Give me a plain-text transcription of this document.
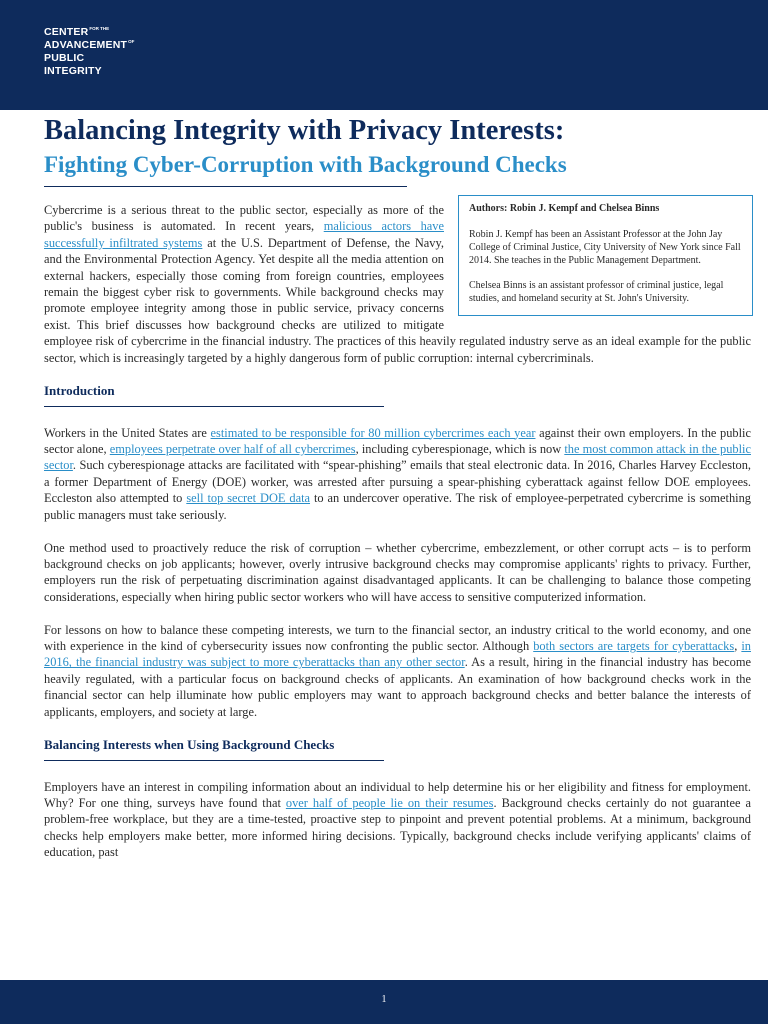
CENTERFOR THE
ADVANCEMENTOF
PUBLIC
INTEGRITY
Balancing Integrity with Privacy Interests:
Fighting Cyber-Corruption with Background Checks

Authors: Robin J. Kempf and Chelsea Binns

Robin J. Kempf has been an Assistant Professor at the John Jay College of Criminal Justice, City University of New York since Fall 2014. She teaches in the Public Management Department.

Chelsea Binns is an assistant professor of criminal justice, legal studies, and homeland security at St. John's University.

Cybercrime is a serious threat to the public sector, especially as more of the public's business is automated. In recent years, malicious actors have successfully infiltrated systems at the U.S. Department of Defense, the Navy, and the Environmental Protection Agency. Yet despite all the media attention on external hackers, especially those coming from foreign countries, employees remain the biggest cyber risk to governments. While background checks may promote employee integrity among those in public service, privacy concerns exist. This brief discusses how background checks are utilized to mitigate employee risk of cybercrime in the financial industry. The practices of this heavily regulated industry serve as an ideal example for the public sector, which is increasingly targeted by a highly dangerous form of public corruption: internal cybercriminals.

Introduction

Workers in the United States are estimated to be responsible for 80 million cybercrimes each year against their own employers. In the public sector alone, employees perpetrate over half of all cybercrimes, including cyberespionage, which is now the most common attack in the public sector. Such cyberespionage attacks are facilitated with “spear-phishing” emails that steal electronic data. In 2016, Charles Harvey Eccleston, a former Department of Energy (DOE) worker, was arrested after pursuing a spear-phishing cyberattack against fellow DOE employees. Eccleston also attempted to sell top secret DOE data to an undercover operative. The risk of employee-perpetrated cybercrime is something public managers must take seriously.

One method used to proactively reduce the risk of corruption – whether cybercrime, embezzlement, or other corrupt acts – is to perform background checks on job applicants; however, overly intrusive background checks may compromise applicants' rights to privacy. Further, employers run the risk of perpetuating discrimination against disadvantaged applicants. It can be challenging to balance those competing considerations, especially when hiring public sector workers who will have access to sensitive computerized information.

For lessons on how to balance these competing interests, we turn to the financial sector, an industry critical to the world economy, and one with experience in the kind of cybersecurity issues now confronting the public sector. Although both sectors are targets for cyberattacks, in 2016, the financial industry was subject to more cyberattacks than any other sector. As a result, hiring in the financial industry has become heavily regulated, with a particular focus on background checks of applicants. An examination of how background checks work in the financial sector can help illuminate how public employers may want to approach background checks and better balance the interests of applicants, employers, and society at large.

Balancing Interests when Using Background Checks

Employers have an interest in compiling information about an individual to help determine his or her eligibility and fitness for employment. Why? For one thing, surveys have found that over half of people lie on their resumes. Background checks certainly do not guarantee a problem-free workplace, but they are a time-tested, proactive step to pinpoint and prevent potential problems. At a minimum, background checks help employers make better, more informed hiring decisions. Typically, background checks include verifying applicants' claims of education, past

1
